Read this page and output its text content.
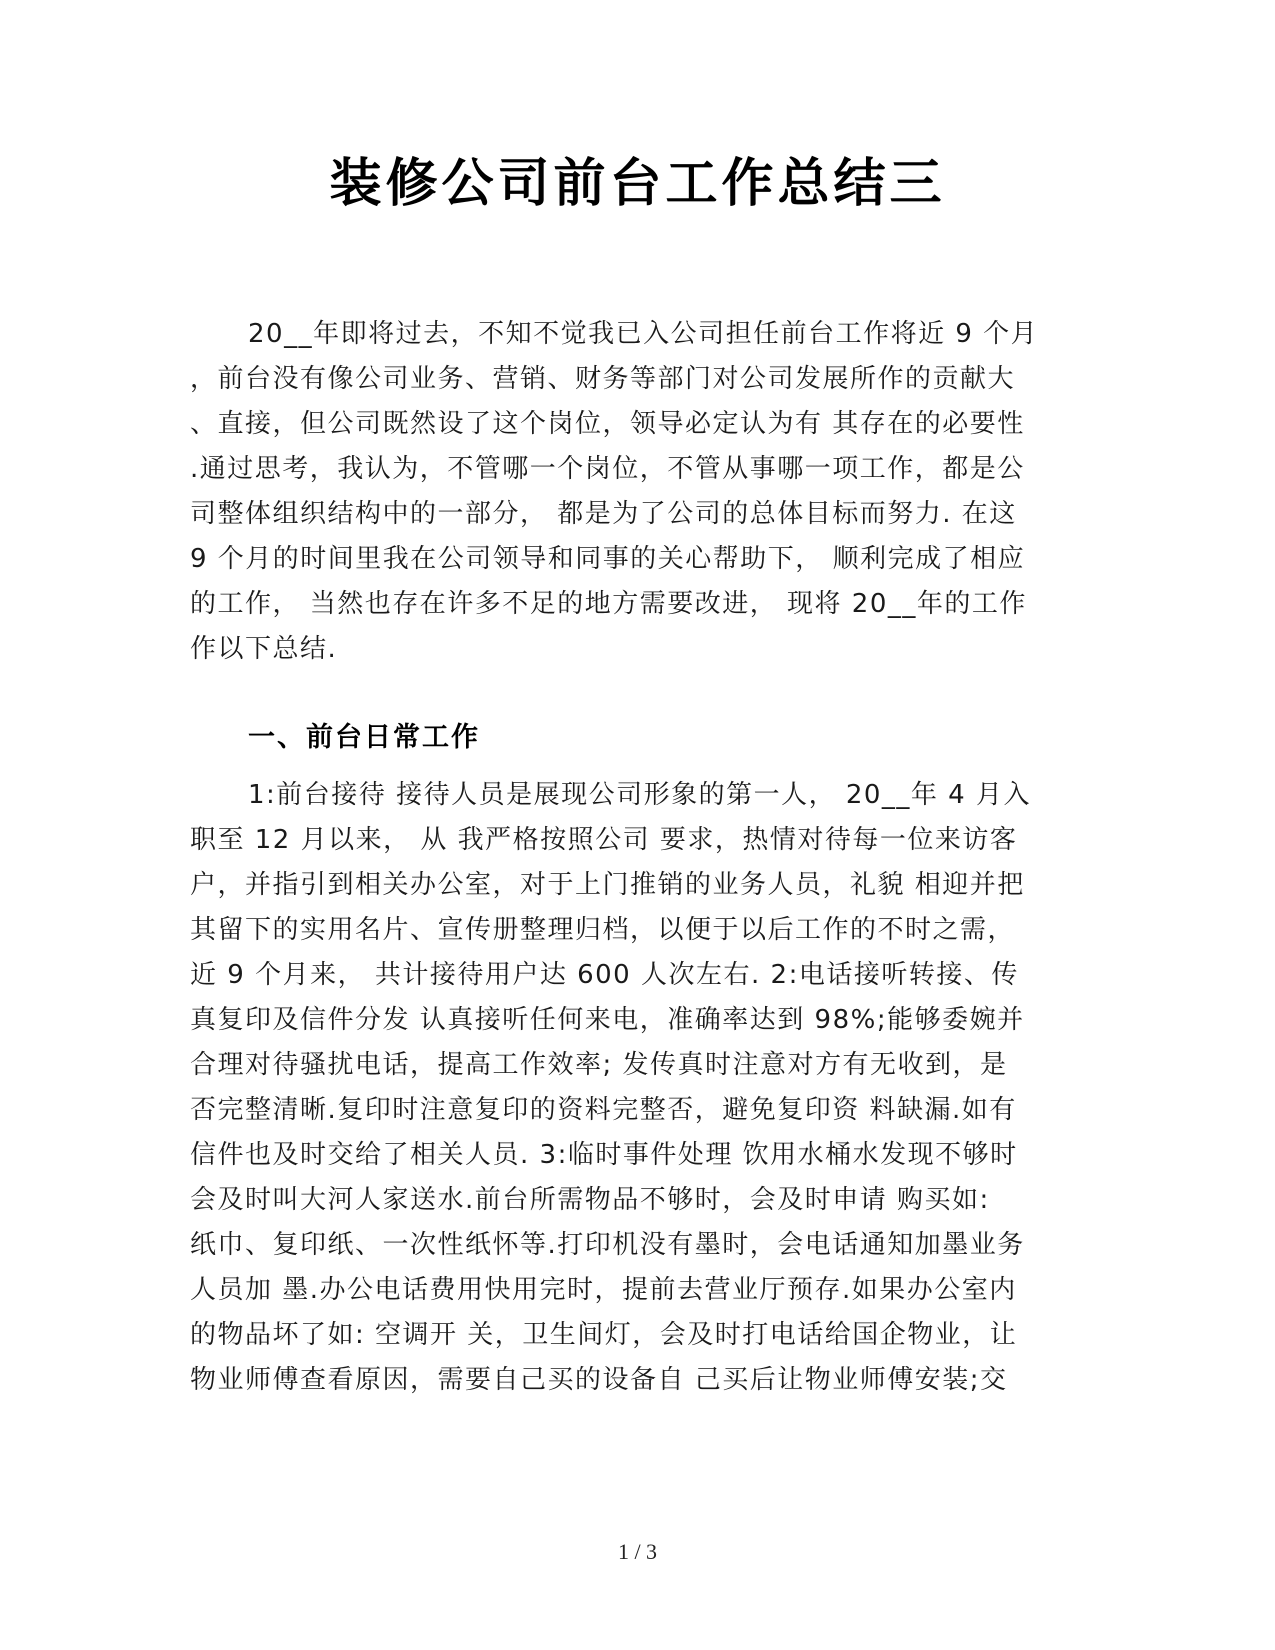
装修公司前台工作总结三
20__年即将过去，不知不觉我已入公司担任前台工作将近 9 个月
，前台没有像公司业务、营销、财务等部门对公司发展所作的贡献大
、直接，但公司既然设了这个岗位，领导必定认为有 其存在的必要性
.通过思考，我认为，不管哪一个岗位，不管从事哪一项工作，都是公
司整体组织结构中的一部分， 都是为了公司的总体目标而努力. 在这
9 个月的时间里我在公司领导和同事的关心帮助下， 顺利完成了相应
的工作， 当然也存在许多不足的地方需要改进， 现将 20__年的工作
作以下总结.
一、前台日常工作
1:前台接待 接待人员是展现公司形象的第一人， 20__年 4 月入
职至 12 月以来， 从 我严格按照公司 要求，热情对待每一位来访客
户，并指引到相关办公室，对于上门推销的业务人员，礼貌 相迎并把
其留下的实用名片、宣传册整理归档，以便于以后工作的不时之需，
近 9 个月来， 共计接待用户达 600 人次左右. 2:电话接听转接、传
真复印及信件分发 认真接听任何来电，准确率达到 98%;能够委婉并
合理对待骚扰电话，提高工作效率; 发传真时注意对方有无收到，是
否完整清晰.复印时注意复印的资料完整否，避免复印资 料缺漏.如有
信件也及时交给了相关人员. 3:临时事件处理 饮用水桶水发现不够时
会及时叫大河人家送水.前台所需物品不够时，会及时申请 购买如:
纸巾、复印纸、一次性纸怀等.打印机没有墨时，会电话通知加墨业务
人员加 墨.办公电话费用快用完时，提前去营业厅预存.如果办公室内
的物品坏了如: 空调开 关，卫生间灯，会及时打电话给国企物业，让
物业师傅查看原因，需要自己买的设备自 己买后让物业师傅安装;交
1 / 3
